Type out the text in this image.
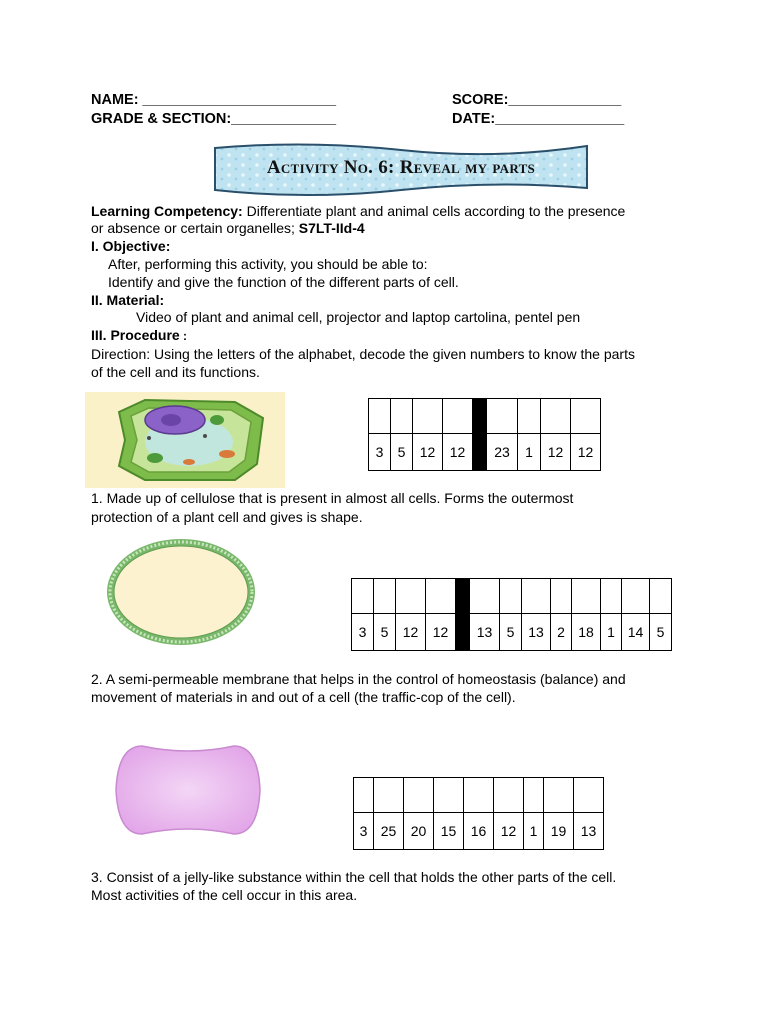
NAME: ________________________	SCORE:______________
GRADE & SECTION:_____________	DATE:________________
Activity No. 6: Reveal my parts
Learning Competency: Differentiate plant and animal cells according to the presence
or absence or certain organelles; S7LT-IId-4
I. Objective:
After, performing this activity, you should be able to:
Identify and give the function of the different parts of cell.
II. Material:
Video of plant and animal cell, projector and laptop cartolina, pentel pen
III. Procedure :
Direction: Using the letters of the alphabet, decode the given numbers to know the parts
of the cell and its functions.

3	5	12	12		23	1	12	12
1. Made up of cellulose that is present in almost all cells. Forms the outermost
protection of a plant cell and gives is shape.

3	5	12	12		13	5	13	2	18	1	14	5
2. A semi-permeable membrane that helps in the control of homeostasis (balance) and
movement of materials in and out of a cell (the traffic-cop of the cell).

3	25	20	15	16	12	1	19	13
3. Consist of a jelly-like substance within the cell that holds the other parts of the cell.
Most activities of the cell occur in this area.
